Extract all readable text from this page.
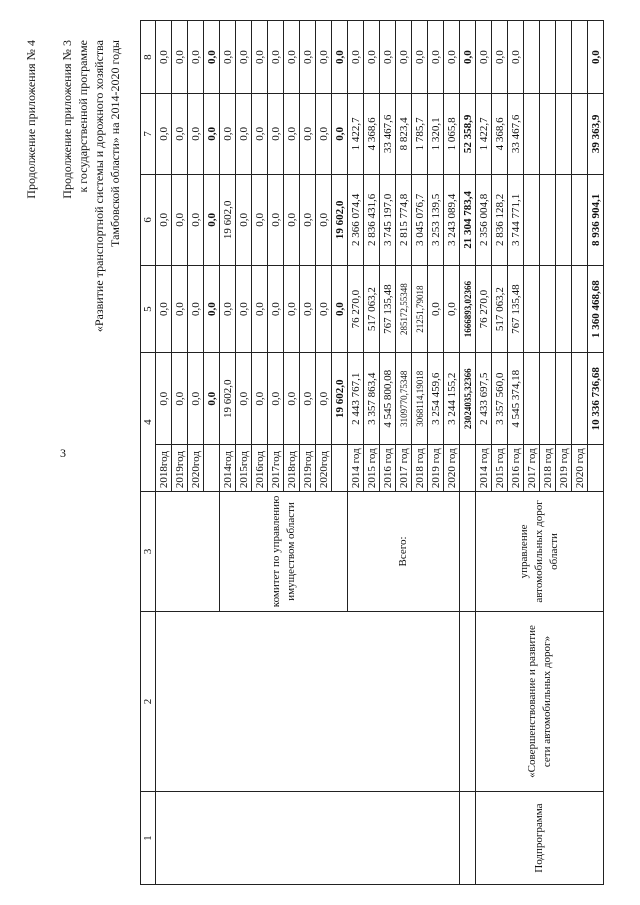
3
Продолжение приложения № 4 Продолжение приложения № 3 к государственной программе «Развитие транспортной системы и дорожного хозяйства Тамбовской области» на 2014-2020 годы
1	2	3	4		5	6	7	8
			2018год	0,0	0,0	0,0	0,0	0,0
			2019год	0,0	0,0	0,0	0,0	0,0
			2020год	0,0	0,0	0,0	0,0	0,0
				0,0	0,0	0,0	0,0	0,0
		комитет по управлению имуществом области	2014год	19 602,0	0,0	19 602,0	0,0	0,0
			2015год	0,0	0,0	0,0	0,0	0,0
			2016год	0,0	0,0	0,0	0,0	0,0
			2017год	0,0	0,0	0,0	0,0	0,0
			2018год	0,0	0,0	0,0	0,0	0,0
			2019год	0,0	0,0	0,0	0,0	0,0
			2020год	0,0	0,0	0,0	0,0	0,0
				19 602,0	0,0	19 602,0	0,0	0,0
		Всего:	2014 год	2 443 767,1	76 270,0	2 366 074,4	1 422,7	0,0
			2015 год	3 357 863,4	517 063,2	2 836 431,6	4 368,6	0,0
			2016 год	4 545 800,08	767 135,48	3 745 197,0	33 467,6	0,0
			2017 год	3109770,75348	285172,55348	2 815 774,8	8 823,4	0,0
			2018 год	3068114,19018	21251,79018	3 045 076,7	1 785,7	0,0
			2019 год	3 254 459,6	0,0	3 253 139,5	1 320,1	0,0
			2020 год	3 244 155,2	0,0	3 243 089,4	1 065,8	0,0
				23024035,32366	1666893,02366	21 304 783,4	52 358,9	0,0
Подпрограмма	«Совершенствование и развитие сети автомобильных дорог»	управление автомобильных дорог области	2014 год	2 433 697,5	76 270,0	2 356 004,8	1 422,7	0,0
			2015 год	3 357 560,0	517 063,2	2 836 128,2	4 368,6	0,0
			2016 год	4 545 374,18	767 135,48	3 744 771,1	33 467,6	0,0
			2017 год					
			2018 год					
			2019 год					
			2020 год					
				10 336 736,68	1 360 468,68	8 936 904,1	39 363,9	0,0
